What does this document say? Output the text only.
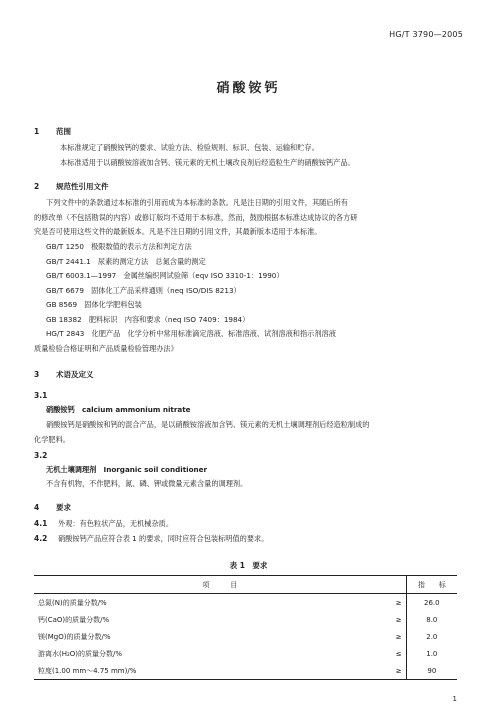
HG/T 3790—2005
硝酸铵钙
1 范围
本标准规定了硝酸铵钙的要求、试验方法、检验规则、标识、包装、运输和贮存。
本标准适用于以硝酸铵溶液加含钙、镁元素的无机土壤改良剂后经造粒生产的硝酸铵钙产品。
2 规范性引用文件
下列文件中的条款通过本标准的引用而成为本标准的条款。凡是注日期的引用文件，其随后所有
的修改单（不包括勘误的内容）或修订版均不适用于本标准，然而，鼓励根据本标准达成协议的各方研
究是否可使用这些文件的最新版本。凡是不注日期的引用文件，其最新版本适用于本标准。
GB/T 1250　极限数值的表示方法和判定方法
GB/T 2441.1　尿素的测定方法　总氮含量的测定
GB/T 6003.1—1997　金属丝编织网试验筛（eqv ISO 3310-1：1990）
GB/T 6679　固体化工产品采样通则（neq ISO/DIS 8213）
GB 8569　固体化学肥料包装
GB 18382　肥料标识　内容和要求（neq ISO 7409：1984）
HG/T 2843　化肥产品　化学分析中常用标准滴定溶液、标准溶液、试剂溶液和指示剂溶液
质量检验合格证明和产品质量检验管理办法》
3 术语及定义
3.1
硝酸铵钙　 calcium ammonium nitrate
硝酸铵钙是硝酸铵和钙的混合产品，是以硝酸铵溶液加含钙、镁元素的无机土壤调理剂后经造粒制成的
化学肥料。
3.2
无机土壤调理剂　 Inorganic soil conditioner
不含有机物，不作肥料，氮、磷、钾或微量元素含量的调理剂。
4 要求
4.1 外观：有色粒状产品，无机械杂质。
4.2 硝酸铵钙产品应符合表 1 的要求，同时应符合包装标明值的要求。
表 1　要求
项　　　目		指　　标
总氮(N)的质量分数/%	≥	26.0
钙(CaO)的质量分数/%	≥	8.0
镁(MgO)的质量分数/%	≥	2.0
游离水(H₂O)的质量分数/%	≤	1.0
粒度(1.00 mm～4.75 mm)/%	≥	90
1
